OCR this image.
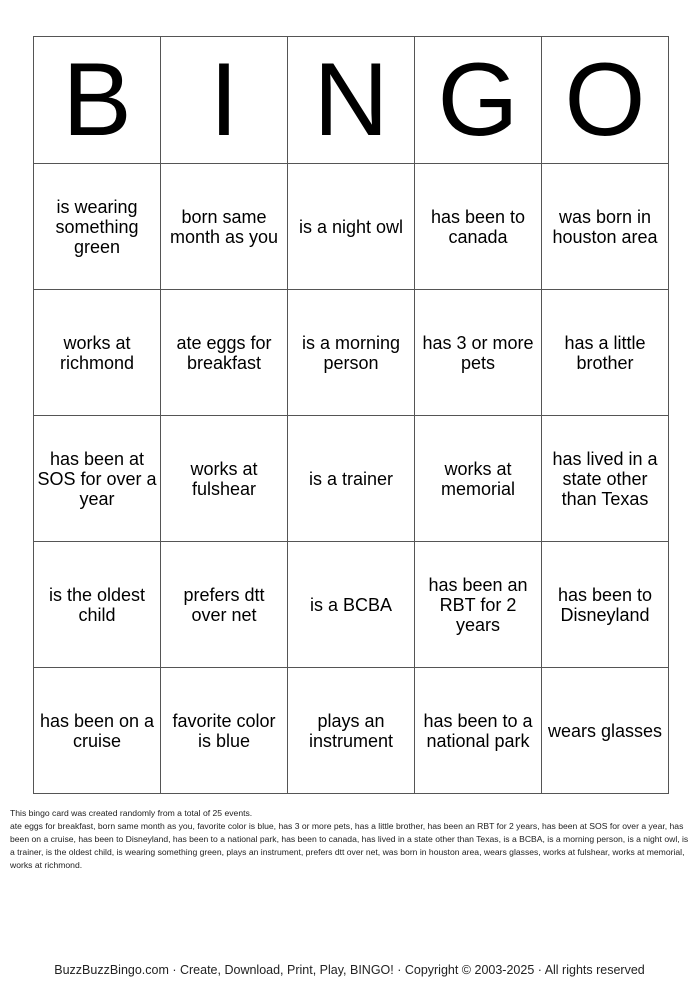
B	I	N	G	O
is wearing something green	born same month as you	is a night owl	has been to canada	was born in houston area
works at richmond	ate eggs for breakfast	is a morning person	has 3 or more pets	has a little brother
has been at SOS for over a year	works at fulshear	is a trainer	works at memorial	has lived in a state other than Texas
is the oldest child	prefers dtt over net	is a BCBA	has been an RBT for 2 years	has been to Disneyland
has been on a cruise	favorite color is blue	plays an instrument	has been to a national park	wears glasses
This bingo card was created randomly from a total of 25 events.
ate eggs for breakfast, born same month as you, favorite color is blue, has 3 or more pets, has a little brother, has been an RBT for 2 years, has been at SOS for over a year, has been on a cruise, has been to Disneyland, has been to a national park, has been to canada, has lived in a state other than Texas, is a BCBA, is a morning person, is a night owl, is a trainer, is the oldest child, is wearing something green, plays an instrument, prefers dtt over net, was born in houston area, wears glasses, works at fulshear, works at memorial, works at richmond.
BuzzBuzzBingo.com · Create, Download, Print, Play, BINGO! · Copyright © 2003-2025 · All rights reserved
